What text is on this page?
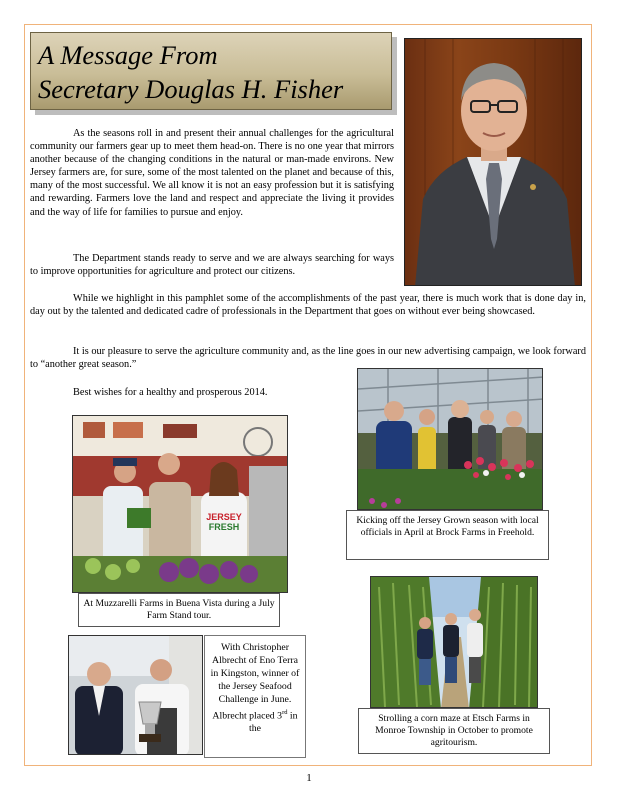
A Message From
Secretary Douglas H. Fisher

As the seasons roll in and present their annual challenges for the agricultural community our farmers gear up to meet them head-on. There is no one year that mirrors another because of the changing conditions in the natural or man-made environs. New Jersey farmers are, for sure, some of the most talented on the planet and because of this, many of the most successful. We all know it is not an easy profession but it is satisfying and rewarding. Farmers love the land and respect and appreciate the living it provides and the way of life for families to pursue and enjoy.

The Department stands ready to serve and we are always searching for ways to improve opportunities for agriculture and protect our citizens.

While we highlight in this pamphlet some of the accomplishments of the past year, there is much work that is done day in, day out by the talented and dedicated cadre of professionals in the Department that goes on without ever being showcased.

It is our pleasure to serve the agriculture community and, as the line goes in our new advertising campaign, we look forward to “another great season.”

Best wishes for a healthy and prosperous 2014.

Kicking off the Jersey Grown season with local officials in April at Brock Farms in Freehold.
JERSEY
FRESH
At Muzzarelli Farms in Buena Vista during a July Farm Stand tour.
With Christopher Albrecht of Eno Terra in Kingston, winner of the Jersey Seafood Challenge in June. Albrecht placed 3rd in the
Strolling a corn maze at Etsch Farms in Monroe Township in October to promote agritourism.
1
